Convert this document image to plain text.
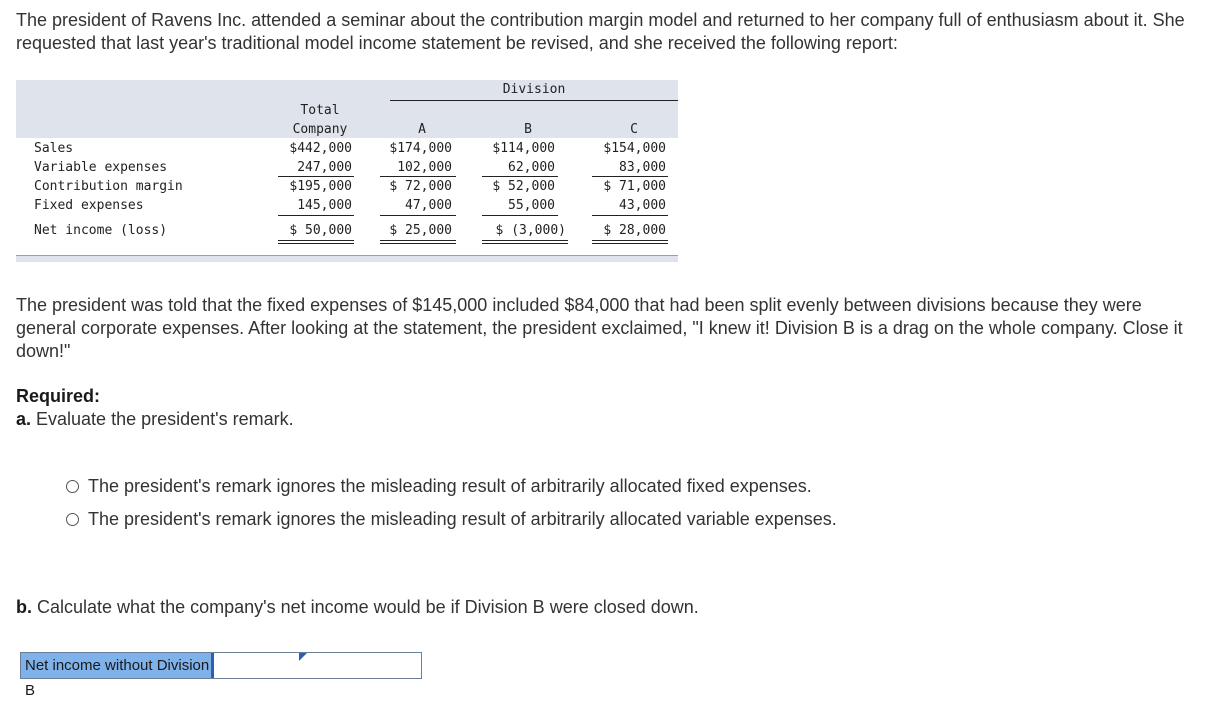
The president of Ravens Inc. attended a seminar about the contribution margin model and returned to her company full of enthusiasm about it. She requested that last year's traditional model income statement be revised, and she received the following report:
Division
Total
Company	A	B	C
Sales	$442,000	$174,000	$114,000	$154,000
Variable expenses	247,000	102,000	62,000	83,000
Contribution margin	$195,000	$ 72,000	$ 52,000	$ 71,000
Fixed expenses	145,000	47,000	55,000	43,000
Net income (loss)	$ 50,000	$ 25,000	$ (3,000)	$ 28,000
The president was told that the fixed expenses of $145,000 included $84,000 that had been split evenly between divisions because they were general corporate expenses. After looking at the statement, the president exclaimed, "I knew it! Division B is a drag on the whole company. Close it down!"
Required:
a. Evaluate the president's remark.
The president's remark ignores the misleading result of arbitrarily allocated fixed expenses.
The president's remark ignores the misleading result of arbitrarily allocated variable expenses.
b. Calculate what the company's net income would be if Division B were closed down.
Net income without Division B
